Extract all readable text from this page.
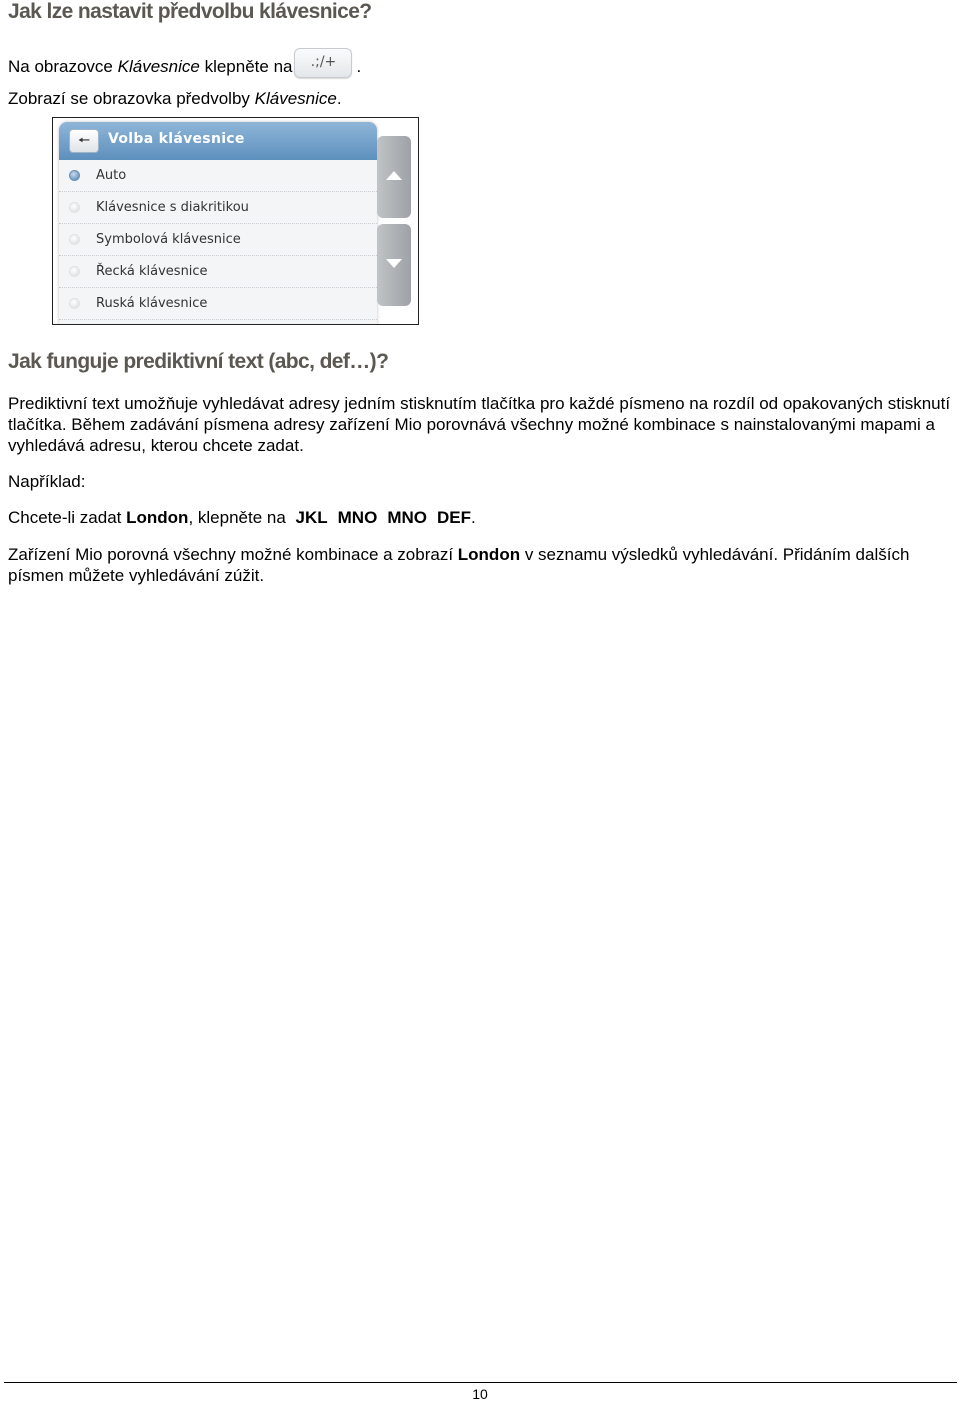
Jak lze nastavit předvolbu klávesnice?

Na obrazovce Klávesnice klepněte na .;/+ .
Zobrazí se obrazovka předvolby Klávesnice.

🠔	Volba klávesnice
Auto
Klávesnice s diakritikou
Symbolová klávesnice
Řecká klávesnice
Ruská klávesnice
Jak funguje prediktivní text (abc, def…)?

Prediktivní text umožňuje vyhledávat adresy jedním stisknutím tlačítka pro každé písmeno na rozdíl od opakovaných stisknutí tlačítka. Během zadávání písmena adresy zařízení Mio porovnává všechny možné kombinace s nainstalovanými mapami a vyhledává adresu, kterou chcete zadat.

Například:

Chcete-li zadat London, klepněte na JKL MNO MNO DEF.

Zařízení Mio porovná všechny možné kombinace a zobrazí London v seznamu výsledků vyhledávání. Přidáním dalších písmen můžete vyhledávání zúžit.

10
